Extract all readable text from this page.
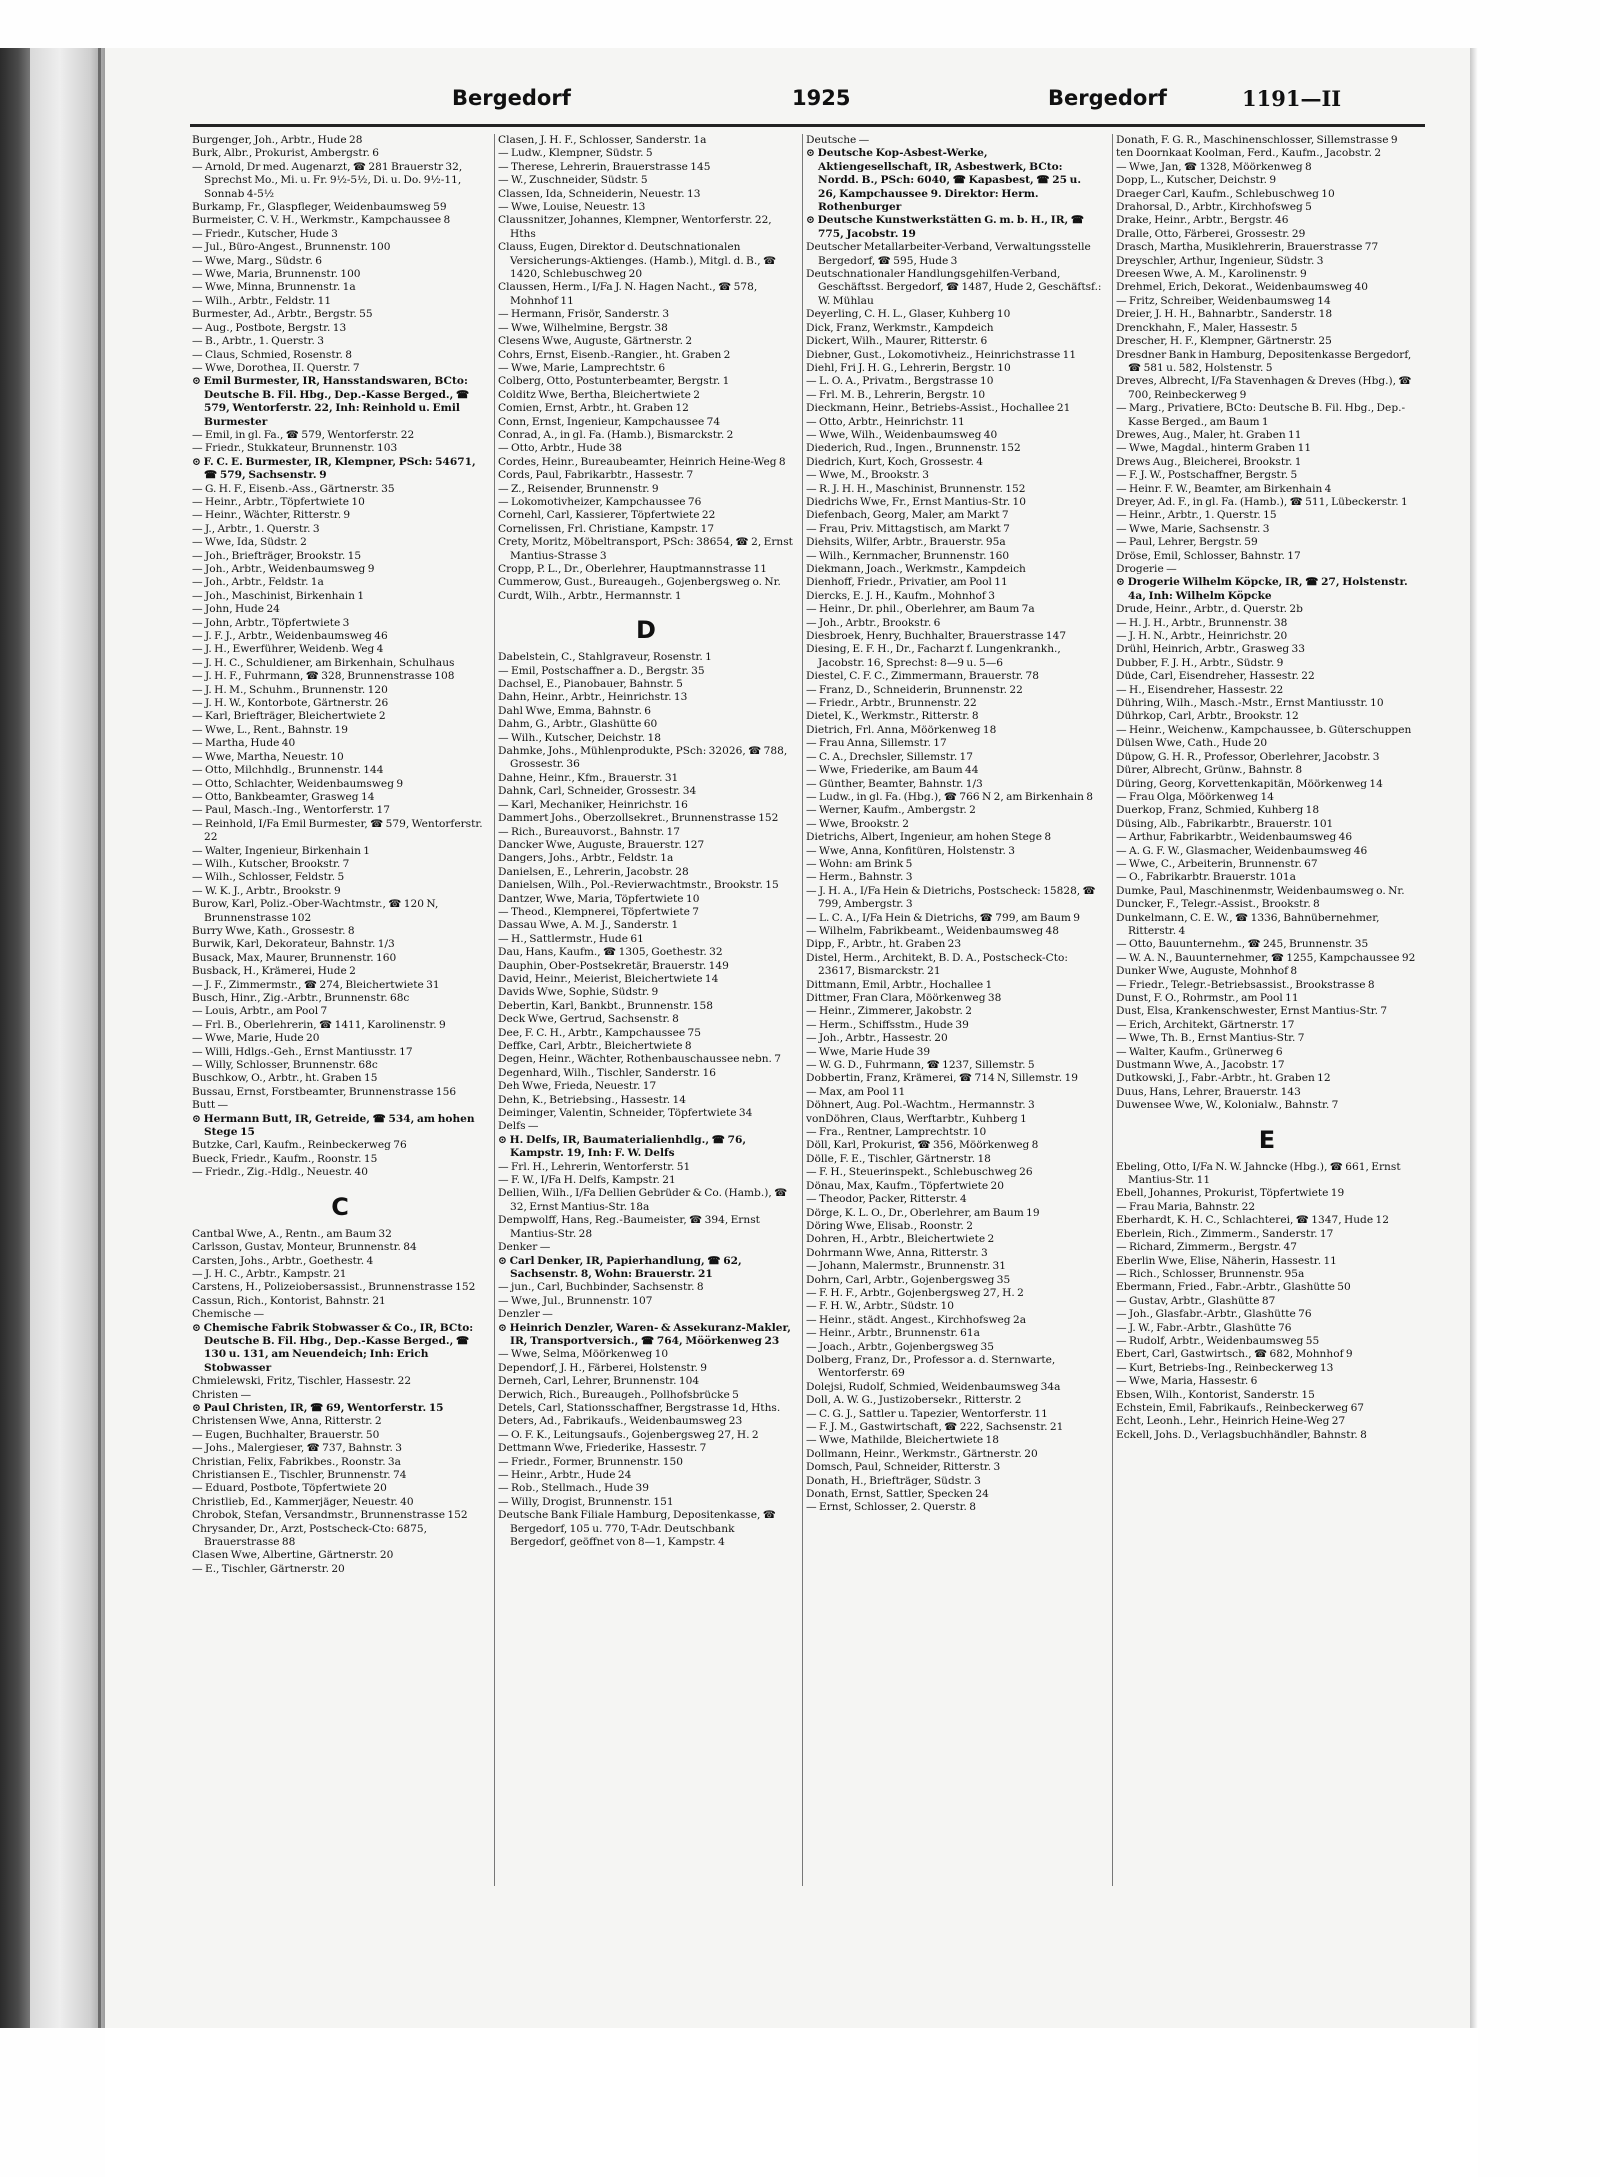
Bergedorf	1925	Bergedorf	1191—II

Burgenger, Joh., Arbtr., Hude 28

Burk, Albr., Prokurist, Ambergstr. 6

— Arnold, Dr med. Augenarzt, ☎ 281 Brauerstr 32, Sprechst Mo., Mi. u. Fr. 9½-5½, Di. u. Do. 9½-11, Sonnab 4-5½

Burkamp, Fr., Glaspfleger, Weidenbaumsweg 59

Burmeister, C. V. H., Werkmstr., Kampchaussee 8

— Friedr., Kutscher, Hude 3

— Jul., Büro-Angest., Brunnenstr. 100

— Wwe, Marg., Südstr. 6

— Wwe, Maria, Brunnenstr. 100

— Wwe, Minna, Brunnenstr. 1a

— Wilh., Arbtr., Feldstr. 11

Burmester, Ad., Arbtr., Bergstr. 55

— Aug., Postbote, Bergstr. 13

— B., Arbtr., 1. Querstr. 3

— Claus, Schmied, Rosenstr. 8

— Wwe, Dorothea, II. Querstr. 7

⊙ Emil Burmester, IR, Hansstandswaren, BCto: Deutsche B. Fil. Hbg., Dep.-Kasse Berged., ☎ 579, Wentorferstr. 22, Inh: Reinhold u. Emil Burmester

— Emil, in gl. Fa., ☎ 579, Wentorferstr. 22

— Friedr., Stukkateur, Brunnenstr. 103

⊙ F. C. E. Burmester, IR, Klempner, PSch: 54671, ☎ 579, Sachsenstr. 9

— G. H. F., Eisenb.-Ass., Gärtnerstr. 35

— Heinr., Arbtr., Töpfertwiete 10

— Heinr., Wächter, Ritterstr. 9

— J., Arbtr., 1. Querstr. 3

— Wwe, Ida, Südstr. 2

— Joh., Briefträger, Brookstr. 15

— Joh., Arbtr., Weidenbaumsweg 9

— Joh., Arbtr., Feldstr. 1a

— Joh., Maschinist, Birkenhain 1

— John, Hude 24

— John, Arbtr., Töpfertwiete 3

— J. F. J., Arbtr., Weidenbaumsweg 46

— J. H., Ewerführer, Weidenb. Weg 4

— J. H. C., Schuldiener, am Birkenhain, Schulhaus

— J. H. F., Fuhrmann, ☎ 328, Brunnenstrasse 108

— J. H. M., Schuhm., Brunnenstr. 120

— J. H. W., Kontorbote, Gärtnerstr. 26

— Karl, Briefträger, Bleichertwiete 2

— Wwe, L., Rent., Bahnstr. 19

— Martha, Hude 40

— Wwe, Martha, Neuestr. 10

— Otto, Milchhdlg., Brunnenstr. 144

— Otto, Schlachter, Weidenbaumsweg 9

— Otto, Bankbeamter, Grasweg 14

— Paul, Masch.-Ing., Wentorferstr. 17

— Reinhold, I/Fa Emil Burmester, ☎ 579, Wentorferstr. 22

— Walter, Ingenieur, Birkenhain 1

— Wilh., Kutscher, Brookstr. 7

— Wilh., Schlosser, Feldstr. 5

— W. K. J., Arbtr., Brookstr. 9

Burow, Karl, Poliz.-Ober-Wachtmstr., ☎ 120 N, Brunnenstrasse 102

Burry Wwe, Kath., Grossestr. 8

Burwik, Karl, Dekorateur, Bahnstr. 1/3

Busack, Max, Maurer, Brunnenstr. 160

Busback, H., Krämerei, Hude 2

— J. F., Zimmermstr., ☎ 274, Bleichertwiete 31

Busch, Hinr., Zig.-Arbtr., Brunnenstr. 68c

— Louis, Arbtr., am Pool 7

— Frl. B., Oberlehrerin, ☎ 1411, Karolinenstr. 9

— Wwe, Marie, Hude 20

— Willi, Hdlgs.-Geh., Ernst Mantiusstr. 17

— Willy, Schlosser, Brunnenstr. 68c

Buschkow, O., Arbtr., ht. Graben 15

Bussau, Ernst, Forstbeamter, Brunnenstrasse 156

Butt —

⊙ Hermann Butt, IR, Getreide, ☎ 534, am hohen Stege 15

Butzke, Carl, Kaufm., Reinbeckerweg 76

Bueck, Friedr., Kaufm., Roonstr. 15

— Friedr., Zig.-Hdlg., Neuestr. 40

C

Cantbal Wwe, A., Rentn., am Baum 32

Carlsson, Gustav, Monteur, Brunnenstr. 84

Carsten, Johs., Arbtr., Goethestr. 4

— J. H. C., Arbtr., Kampstr. 21

Carstens, H., Polizeiobersassist., Brunnenstrasse 152

Cassun, Rich., Kontorist, Bahnstr. 21

Chemische —

⊙ Chemische Fabrik Stobwasser & Co., IR, BCto: Deutsche B. Fil. Hbg., Dep.-Kasse Berged., ☎ 130 u. 131, am Neuendeich; Inh: Erich Stobwasser

Chmielewski, Fritz, Tischler, Hassestr. 22

Christen —

⊙ Paul Christen, IR, ☎ 69, Wentorferstr. 15

Christensen Wwe, Anna, Ritterstr. 2

— Eugen, Buchhalter, Brauerstr. 50

— Johs., Malergieser, ☎ 737, Bahnstr. 3

Christian, Felix, Fabrikbes., Roonstr. 3a

Christiansen E., Tischler, Brunnenstr. 74

— Eduard, Postbote, Töpfertwiete 20

Christlieb, Ed., Kammerjäger, Neuestr. 40

Chrobok, Stefan, Versandmstr., Brunnenstrasse 152

Chrysander, Dr., Arzt, Postscheck-Cto: 6875, Brauerstrasse 88

Clasen Wwe, Albertine, Gärtnerstr. 20

— E., Tischler, Gärtnerstr. 20

Clasen, J. H. F., Schlosser, Sanderstr. 1a

— Ludw., Klempner, Südstr. 5

— Therese, Lehrerin, Brauerstrasse 145

— W., Zuschneider, Südstr. 5

Classen, Ida, Schneiderin, Neuestr. 13

— Wwe, Louise, Neuestr. 13

Claussnitzer, Johannes, Klempner, Wentorferstr. 22, Hths

Clauss, Eugen, Direktor d. Deutschnationalen Versicherungs-Aktienges. (Hamb.), Mitgl. d. B., ☎ 1420, Schlebuschweg 20

Claussen, Herm., I/Fa J. N. Hagen Nacht., ☎ 578, Mohnhof 11

— Hermann, Frisör, Sanderstr. 3

— Wwe, Wilhelmine, Bergstr. 38

Clesens Wwe, Auguste, Gärtnerstr. 2

Cohrs, Ernst, Eisenb.-Rangier., ht. Graben 2

— Wwe, Marie, Lamprechtstr. 6

Colberg, Otto, Postunterbeamter, Bergstr. 1

Colditz Wwe, Bertha, Bleichertwiete 2

Comien, Ernst, Arbtr., ht. Graben 12

Conn, Ernst, Ingenieur, Kampchaussee 74

Conrad, A., in gl. Fa. (Hamb.), Bismarckstr. 2

— Otto, Arbtr., Hude 38

Cordes, Heinr., Bureaubeamter, Heinrich Heine-Weg 8

Cords, Paul, Fabrikarbtr., Hassestr. 7

— Z., Reisender, Brunnenstr. 9

— Lokomotivheizer, Kampchaussee 76

Cornehl, Carl, Kassierer, Töpfertwiete 22

Cornelissen, Frl. Christiane, Kampstr. 17

Crety, Moritz, Möbeltransport, PSch: 38654, ☎ 2, Ernst Mantius-Strasse 3

Cropp, P. L., Dr., Oberlehrer, Hauptmannstrasse 11

Cummerow, Gust., Bureaugeh., Gojenbergsweg o. Nr.

Curdt, Wilh., Arbtr., Hermannstr. 1

D

Dabelstein, C., Stahlgraveur, Rosenstr. 1

— Emil, Postschaffner a. D., Bergstr. 35

Dachsel, E., Pianobauer, Bahnstr. 5

Dahn, Heinr., Arbtr., Heinrichstr. 13

Dahl Wwe, Emma, Bahnstr. 6

Dahm, G., Arbtr., Glashütte 60

— Wilh., Kutscher, Deichstr. 18

Dahmke, Johs., Mühlenprodukte, PSch: 32026, ☎ 788, Grossestr. 36

Dahne, Heinr., Kfm., Brauerstr. 31

Dahnk, Carl, Schneider, Grossestr. 34

— Karl, Mechaniker, Heinrichstr. 16

Dammert Johs., Oberzollsekret., Brunnenstrasse 152

— Rich., Bureauvorst., Bahnstr. 17

Dancker Wwe, Auguste, Brauerstr. 127

Dangers, Johs., Arbtr., Feldstr. 1a

Danielsen, E., Lehrerin, Jacobstr. 28

Danielsen, Wilh., Pol.-Revierwachtmstr., Brookstr. 15

Dantzer, Wwe, Maria, Töpfertwiete 10

— Theod., Klempnerei, Töpfertwiete 7

Dassau Wwe, A. M. J., Sanderstr. 1

— H., Sattlermstr., Hude 61

Dau, Hans, Kaufm., ☎ 1305, Goethestr. 32

Dauphin, Ober-Postsekretär, Brauerstr. 149

David, Heinr., Meierist, Bleichertwiete 14

Davids Wwe, Sophie, Südstr. 9

Debertin, Karl, Bankbt., Brunnenstr. 158

Deck Wwe, Gertrud, Sachsenstr. 8

Dee, F. C. H., Arbtr., Kampchaussee 75

Deffke, Carl, Arbtr., Bleichertwiete 8

Degen, Heinr., Wächter, Rothenbauschaussee nebn. 7

Degenhard, Wilh., Tischler, Sanderstr. 16

Deh Wwe, Frieda, Neuestr. 17

Dehn, K., Betriebsing., Hassestr. 14

Deiminger, Valentin, Schneider, Töpfertwiete 34

Delfs —

⊙ H. Delfs, IR, Baumaterialienhdlg., ☎ 76, Kampstr. 19, Inh: F. W. Delfs

— Frl. H., Lehrerin, Wentorferstr. 51

— F. W., I/Fa H. Delfs, Kampstr. 21

Dellien, Wilh., I/Fa Dellien Gebrüder & Co. (Hamb.), ☎ 32, Ernst Mantius-Str. 18a

Dempwolff, Hans, Reg.-Baumeister, ☎ 394, Ernst Mantius-Str. 28

Denker —

⊙ Carl Denker, IR, Papierhandlung, ☎ 62, Sachsenstr. 8, Wohn: Brauerstr. 21

— jun., Carl, Buchbinder, Sachsenstr. 8

— Wwe, Jul., Brunnenstr. 107

Denzler —

⊙ Heinrich Denzler, Waren- & Assekuranz-Makler, IR, Transportversich., ☎ 764, Möörkenweg 23

— Wwe, Selma, Möörkenweg 10

Dependorf, J. H., Färberei, Holstenstr. 9

Derneh, Carl, Lehrer, Brunnenstr. 104

Derwich, Rich., Bureaugeh., Pollhofsbrücke 5

Detels, Carl, Stationsschaffner, Bergstrasse 1d, Hths.

Deters, Ad., Fabrikaufs., Weidenbaumsweg 23

— O. F. K., Leitungsaufs., Gojenbergsweg 27, H. 2

Dettmann Wwe, Friederike, Hassestr. 7

— Friedr., Former, Brunnenstr. 150

— Heinr., Arbtr., Hude 24

— Rob., Stellmach., Hude 39

— Willy, Drogist, Brunnenstr. 151

Deutsche Bank Filiale Hamburg, Depositenkasse, ☎ Bergedorf, 105 u. 770, T-Adr. Deutschbank Bergedorf, geöffnet von 8—1, Kampstr. 4

Deutsche —

⊙ Deutsche Kop-Asbest-Werke, Aktiengesellschaft, IR, Asbestwerk, BCto: Nordd. B., PSch: 6040, ☎ Kapasbest, ☎ 25 u. 26, Kampchaussee 9. Direktor: Herm. Rothenburger

⊙ Deutsche Kunstwerkstätten G. m. b. H., IR, ☎ 775, Jacobstr. 19

Deutscher Metallarbeiter-Verband, Verwaltungsstelle Bergedorf, ☎ 595, Hude 3

Deutschnationaler Handlungsgehilfen-Verband, Geschäftsst. Bergedorf, ☎ 1487, Hude 2, Geschäftsf.: W. Mühlau

Deyerling, C. H. L., Glaser, Kuhberg 10

Dick, Franz, Werkmstr., Kampdeich

Dickert, Wilh., Maurer, Ritterstr. 6

Diebner, Gust., Lokomotivheiz., Heinrichstrasse 11

Diehl, Fri J. H. G., Lehrerin, Bergstr. 10

— L. O. A., Privatm., Bergstrasse 10

— Frl. M. B., Lehrerin, Bergstr. 10

Dieckmann, Heinr., Betriebs-Assist., Hochallee 21

— Otto, Arbtr., Heinrichstr. 11

— Wwe, Wilh., Weidenbaumsweg 40

Diederich, Rud., Ingen., Brunnenstr. 152

Diedrich, Kurt, Koch, Grossestr. 4

— Wwe, M., Brookstr. 3

— R. J. H. H., Maschinist, Brunnenstr. 152

Diedrichs Wwe, Fr., Ernst Mantius-Str. 10

Diefenbach, Georg, Maler, am Markt 7

— Frau, Priv. Mittagstisch, am Markt 7

Diehsits, Wilfer, Arbtr., Brauerstr. 95a

— Wilh., Kernmacher, Brunnenstr. 160

Diekmann, Joach., Werkmstr., Kampdeich

Dienhoff, Friedr., Privatier, am Pool 11

Diercks, E. J. H., Kaufm., Mohnhof 3

— Heinr., Dr. phil., Oberlehrer, am Baum 7a

— Joh., Arbtr., Brookstr. 6

Diesbroek, Henry, Buchhalter, Brauerstrasse 147

Diesing, E. F. H., Dr., Facharzt f. Lungenkrankh., Jacobstr. 16, Sprechst: 8—9 u. 5—6

Diestel, C. F. C., Zimmermann, Brauerstr. 78

— Franz, D., Schneiderin, Brunnenstr. 22

— Friedr., Arbtr., Brunnenstr. 22

Dietel, K., Werkmstr., Ritterstr. 8

Dietrich, Frl. Anna, Möörkenweg 18

— Frau Anna, Sillemstr. 17

— C. A., Drechsler, Sillemstr. 17

— Wwe, Friederike, am Baum 44

— Günther, Beamter, Bahnstr. 1/3

— Ludw., in gl. Fa. (Hbg.), ☎ 766 N 2, am Birkenhain 8

— Werner, Kaufm., Ambergstr. 2

— Wwe, Brookstr. 2

Dietrichs, Albert, Ingenieur, am hohen Stege 8

— Wwe, Anna, Konfitüren, Holstenstr. 3

— Wohn: am Brink 5

— Herm., Bahnstr. 3

— J. H. A., I/Fa Hein & Dietrichs, Postscheck: 15828, ☎ 799, Ambergstr. 3

— L. C. A., I/Fa Hein & Dietrichs, ☎ 799, am Baum 9

— Wilhelm, Fabrikbeamt., Weidenbaumsweg 48

Dipp, F., Arbtr., ht. Graben 23

Distel, Herm., Architekt, B. D. A., Postscheck-Cto: 23617, Bismarckstr. 21

Dittmann, Emil, Arbtr., Hochallee 1

Dittmer, Fran Clara, Möörkenweg 38

— Heinr., Zimmerer, Jakobstr. 2

— Herm., Schiffsstm., Hude 39

— Joh., Arbtr., Hassestr. 20

— Wwe, Marie Hude 39

— W. G. D., Fuhrmann, ☎ 1237, Sillemstr. 5

Dobbertin, Franz, Krämerei, ☎ 714 N, Sillemstr. 19

— Max, am Pool 11

Döhnert, Aug. Pol.-Wachtm., Hermannstr. 3

vonDöhren, Claus, Werftarbtr., Kuhberg 1

— Fra., Rentner, Lamprechtstr. 10

Döll, Karl, Prokurist, ☎ 356, Möörkenweg 8

Dölle, F. E., Tischler, Gärtnerstr. 18

— F. H., Steuerinspekt., Schlebuschweg 26

Dönau, Max, Kaufm., Töpfertwiete 20

— Theodor, Packer, Ritterstr. 4

Dörge, K. L. O., Dr., Oberlehrer, am Baum 19

Döring Wwe, Elisab., Roonstr. 2

Dohren, H., Arbtr., Bleichertwiete 2

Dohrmann Wwe, Anna, Ritterstr. 3

— Johann, Malermstr., Brunnenstr. 31

Dohrn, Carl, Arbtr., Gojenbergsweg 35

— F. H. F., Arbtr., Gojenbergsweg 27, H. 2

— F. H. W., Arbtr., Südstr. 10

— Heinr., städt. Angest., Kirchhofsweg 2a

— Heinr., Arbtr., Brunnenstr. 61a

— Joach., Arbtr., Gojenbergsweg 35

Dolberg, Franz, Dr., Professor a. d. Sternwarte, Wentorferstr. 69

Dolejsi, Rudolf, Schmied, Weidenbaumsweg 34a

Doll, A. W. G., Justizobersekr., Ritterstr. 2

— C. G. J., Sattler u. Tapezier, Wentorferstr. 11

— F. J. M., Gastwirtschaft, ☎ 222, Sachsenstr. 21

— Wwe, Mathilde, Bleichertwiete 18

Dollmann, Heinr., Werkmstr., Gärtnerstr. 20

Domsch, Paul, Schneider, Ritterstr. 3

Donath, H., Briefträger, Südstr. 3

Donath, Ernst, Sattler, Specken 24

— Ernst, Schlosser, 2. Querstr. 8

Donath, F. G. R., Maschinenschlosser, Sillemstrasse 9

ten Doornkaat Koolman, Ferd., Kaufm., Jacobstr. 2

— Wwe, Jan, ☎ 1328, Möörkenweg 8

Dopp, L., Kutscher, Deichstr. 9

Draeger Carl, Kaufm., Schlebuschweg 10

Drahorsal, D., Arbtr., Kirchhofsweg 5

Drake, Heinr., Arbtr., Bergstr. 46

Dralle, Otto, Färberei, Grossestr. 29

Drasch, Martha, Musiklehrerin, Brauerstrasse 77

Dreyschler, Arthur, Ingenieur, Südstr. 3

Dreesen Wwe, A. M., Karolinenstr. 9

Drehmel, Erich, Dekorat., Weidenbaumsweg 40

— Fritz, Schreiber, Weidenbaumsweg 14

Dreier, J. H. H., Bahnarbtr., Sanderstr. 18

Drenckhahn, F., Maler, Hassestr. 5

Drescher, H. F., Klempner, Gärtnerstr. 25

Dresdner Bank in Hamburg, Depositenkasse Bergedorf, ☎ 581 u. 582, Holstenstr. 5

Dreves, Albrecht, I/Fa Stavenhagen & Dreves (Hbg.), ☎ 700, Reinbeckerweg 9

— Marg., Privatiere, BCto: Deutsche B. Fil. Hbg., Dep.-Kasse Berged., am Baum 1

Drewes, Aug., Maler, ht. Graben 11

— Wwe, Magdal., hinterm Graben 11

Drews Aug., Bleicherei, Brookstr. 1

— F. J. W., Postschaffner, Bergstr. 5

— Heinr. F. W., Beamter, am Birkenhain 4

Dreyer, Ad. F., in gl. Fa. (Hamb.), ☎ 511, Lübeckerstr. 1

— Heinr., Arbtr., 1. Querstr. 15

— Wwe, Marie, Sachsenstr. 3

— Paul, Lehrer, Bergstr. 59

Dröse, Emil, Schlosser, Bahnstr. 17

Drogerie —

⊙ Drogerie Wilhelm Köpcke, IR, ☎ 27, Holstenstr. 4a, Inh: Wilhelm Köpcke

Drude, Heinr., Arbtr., d. Querstr. 2b

— H. J. H., Arbtr., Brunnenstr. 38

— J. H. N., Arbtr., Heinrichstr. 20

Drühl, Heinrich, Arbtr., Grasweg 33

Dubber, F. J. H., Arbtr., Südstr. 9

Düde, Carl, Eisendreher, Hassestr. 22

— H., Eisendreher, Hassestr. 22

Dühring, Wilh., Masch.-Mstr., Ernst Mantiusstr. 10

Dührkop, Carl, Arbtr., Brookstr. 12

— Heinr., Weichenw., Kampchaussee, b. Güterschuppen

Dülsen Wwe, Cath., Hude 20

Düpow, G. H. R., Professor, Oberlehrer, Jacobstr. 3

Dürer, Albrecht, Grünw., Bahnstr. 8

Düring, Georg, Korvettenkapitän, Möörkenweg 14

— Frau Olga, Möörkenweg 14

Duerkop, Franz, Schmied, Kuhberg 18

Düsing, Alb., Fabrikarbtr., Brauerstr. 101

— Arthur, Fabrikarbtr., Weidenbaumsweg 46

— A. G. F. W., Glasmacher, Weidenbaumsweg 46

— Wwe, C., Arbeiterin, Brunnenstr. 67

— O., Fabrikarbtr. Brauerstr. 101a

Dumke, Paul, Maschinenmstr, Weidenbaumsweg o. Nr.

Duncker, F., Telegr.-Assist., Brookstr. 8

Dunkelmann, C. E. W., ☎ 1336, Bahnübernehmer, Ritterstr. 4

— Otto, Bauunternehm., ☎ 245, Brunnenstr. 35

— W. A. N., Bauunternehmer, ☎ 1255, Kampchaussee 92

Dunker Wwe, Auguste, Mohnhof 8

— Friedr., Telegr.-Betriebsassist., Brookstrasse 8

Dunst, F. O., Rohrmstr., am Pool 11

Dust, Elsa, Krankenschwester, Ernst Mantius-Str. 7

— Erich, Architekt, Gärtnerstr. 17

— Wwe, Th. B., Ernst Mantius-Str. 7

— Walter, Kaufm., Grünerweg 6

Dustmann Wwe, A., Jacobstr. 17

Dutkowski, J., Fabr.-Arbtr., ht. Graben 12

Duus, Hans, Lehrer, Brauerstr. 143

Duwensee Wwe, W., Kolonialw., Bahnstr. 7

E

Ebeling, Otto, I/Fa N. W. Jahncke (Hbg.), ☎ 661, Ernst Mantius-Str. 11

Ebell, Johannes, Prokurist, Töpfertwiete 19

— Frau Maria, Bahnstr. 22

Eberhardt, K. H. C., Schlachterei, ☎ 1347, Hude 12

Eberlein, Rich., Zimmerm., Sanderstr. 17

— Richard, Zimmerm., Bergstr. 47

Eberlin Wwe, Elise, Näherin, Hassestr. 11

— Rich., Schlosser, Brunnenstr. 95a

Ebermann, Fried., Fabr.-Arbtr., Glashütte 50

— Gustav, Arbtr., Glashütte 87

— Joh., Glasfabr.-Arbtr., Glashütte 76

— J. W., Fabr.-Arbtr., Glashütte 76

— Rudolf, Arbtr., Weidenbaumsweg 55

Ebert, Carl, Gastwirtsch., ☎ 682, Mohnhof 9

— Kurt, Betriebs-Ing., Reinbeckerweg 13

— Wwe, Maria, Hassestr. 6

Ebsen, Wilh., Kontorist, Sanderstr. 15

Echstein, Emil, Fabrikaufs., Reinbeckerweg 67

Echt, Leonh., Lehr., Heinrich Heine-Weg 27

Eckell, Johs. D., Verlagsbuchhändler, Bahnstr. 8
